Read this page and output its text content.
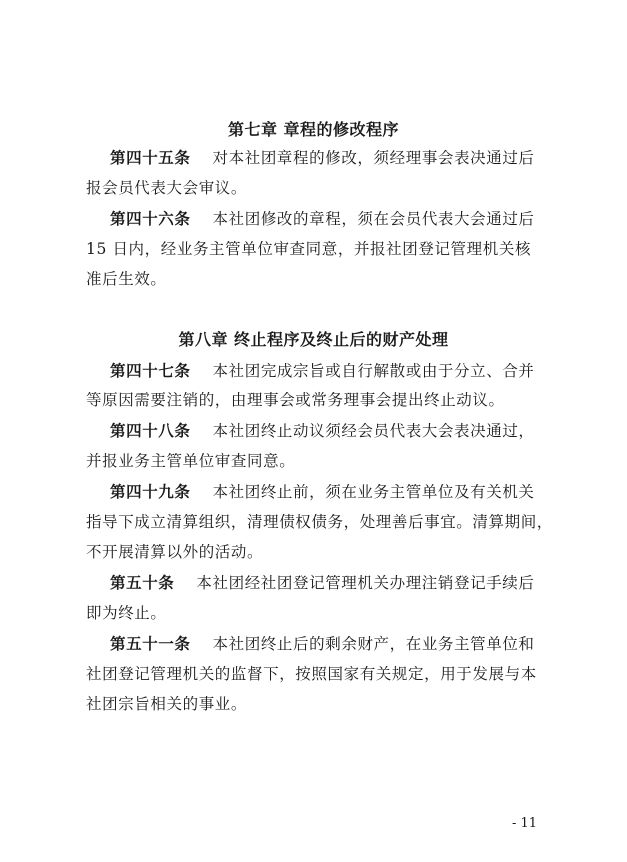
第七章 章程的修改程序
第四十五条 对本社团章程的修改，须经理事会表决通过后
报会员代表大会审议。
第四十六条 本社团修改的章程，须在会员代表大会通过后
15 日内，经业务主管单位审查同意，并报社团登记管理机关核
准后生效。
第八章 终止程序及终止后的财产处理
第四十七条 本社团完成宗旨或自行解散或由于分立、合并
等原因需要注销的，由理事会或常务理事会提出终止动议。
第四十八条 本社团终止动议须经会员代表大会表决通过，
并报业务主管单位审查同意。
第四十九条 本社团终止前，须在业务主管单位及有关机关
指导下成立清算组织，清理债权债务，处理善后事宜。清算期间，
不开展清算以外的活动。
第五十条 本社团经社团登记管理机关办理注销登记手续后
即为终止。
第五十一条 本社团终止后的剩余财产，在业务主管单位和
社团登记管理机关的监督下，按照国家有关规定，用于发展与本
社团宗旨相关的事业。
- 11
